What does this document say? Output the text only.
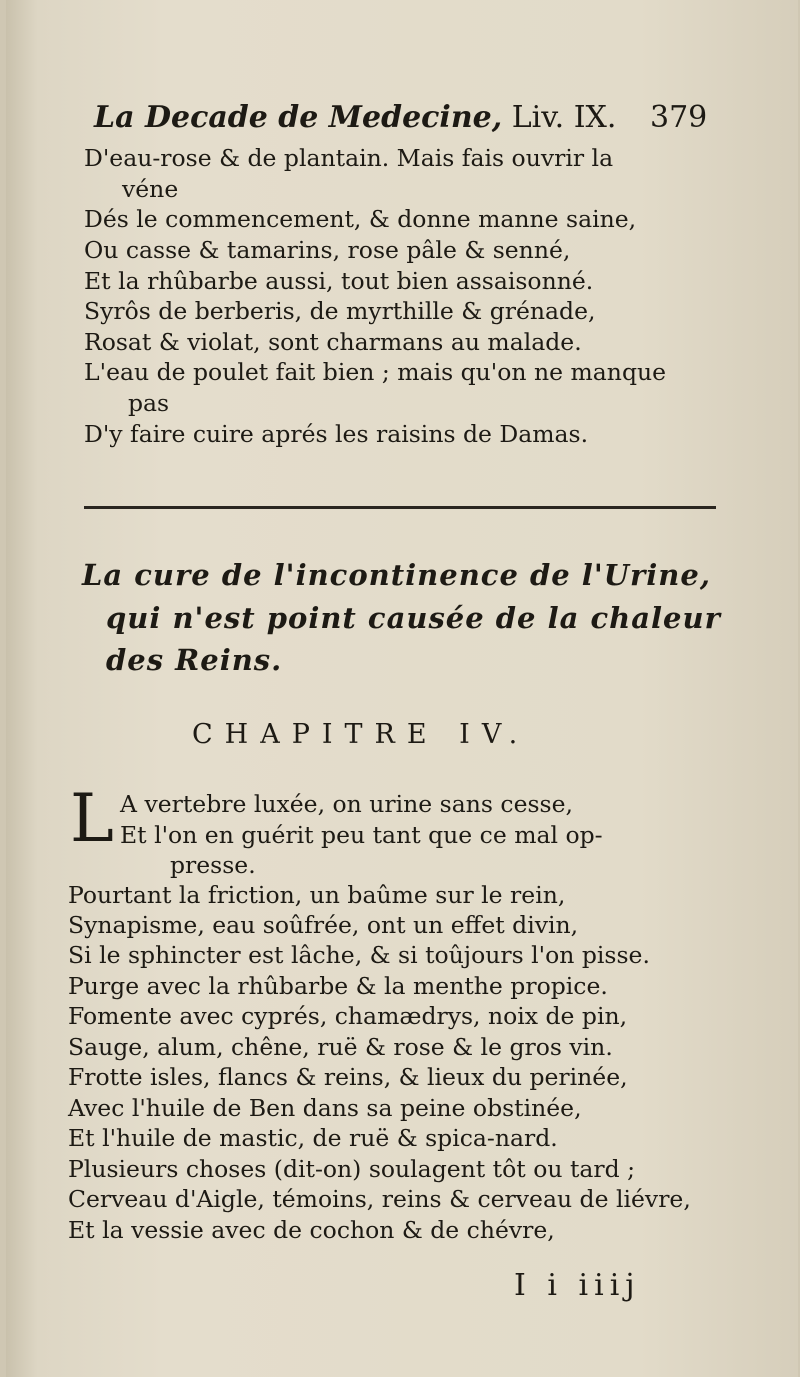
La Decade de Medecine, Liv. IX. 379
D'eau-rose & de plantain. Mais fais ouvrir la
véne
Dés le commencement, & donne manne saine,
Ou casse & tamarins, rose pâle & senné,
Et la rhûbarbe aussi, tout bien assaisonné.
Syrôs de berberis, de myrthille & grénade,
Rosat & violat, sont charmans au malade.
L'eau de poulet fait bien ; mais qu'on ne manque
pas
D'y faire cuire aprés les raisins de Damas.
La cure de l'incontinence de l'Urine,
qui n'est point causée de la chaleur
des Reins.
CHAPITRE IV.
L A vertebre luxée, on urine sans cesse,
Et l'on en guérit peu tant que ce mal op-
presse.
Pourtant la friction, un baûme sur le rein,
Synapisme, eau soûfrée, ont un effet divin,
Si le sphincter est lâche, & si toûjours l'on pisse.
Purge avec la rhûbarbe & la menthe propice.
Fomente avec cyprés, chamædrys, noix de pin,
Sauge, alum, chêne, ruë & rose & le gros vin.
Frotte isles, flancs & reins, & lieux du perinée,
Avec l'huile de Ben dans sa peine obstinée,
Et l'huile de mastic, de ruë & spica-nard.
Plusieurs choses (dit-on) soulagent tôt ou tard ;
Cerveau d'Aigle, témoins, reins & cerveau de liévre,
Et la vessie avec de cochon & de chévre,
I i iiij
